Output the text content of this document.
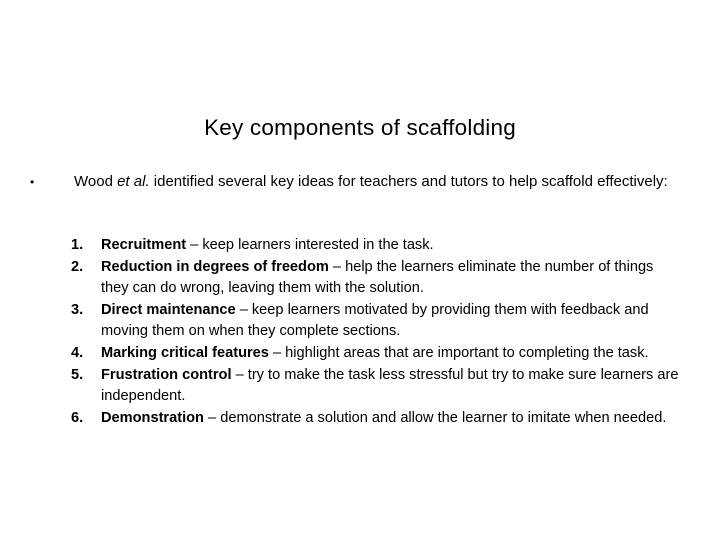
Key components of scaffolding
•	Wood et al. identified several key ideas for teachers and tutors to help scaffold effectively:
1.	Recruitment – keep learners interested in the task.
2.	Reduction in degrees of freedom – help the learners eliminate the number of things they can do wrong, leaving them with the solution.
3.	Direct maintenance – keep learners motivated by providing them with feedback and moving them on when they complete sections.
4.	Marking critical features – highlight areas that are important to completing the task.
5.	Frustration control – try to make the task less stressful but try to make sure learners are independent.
6.	Demonstration – demonstrate a solution and allow the learner to imitate when needed.
